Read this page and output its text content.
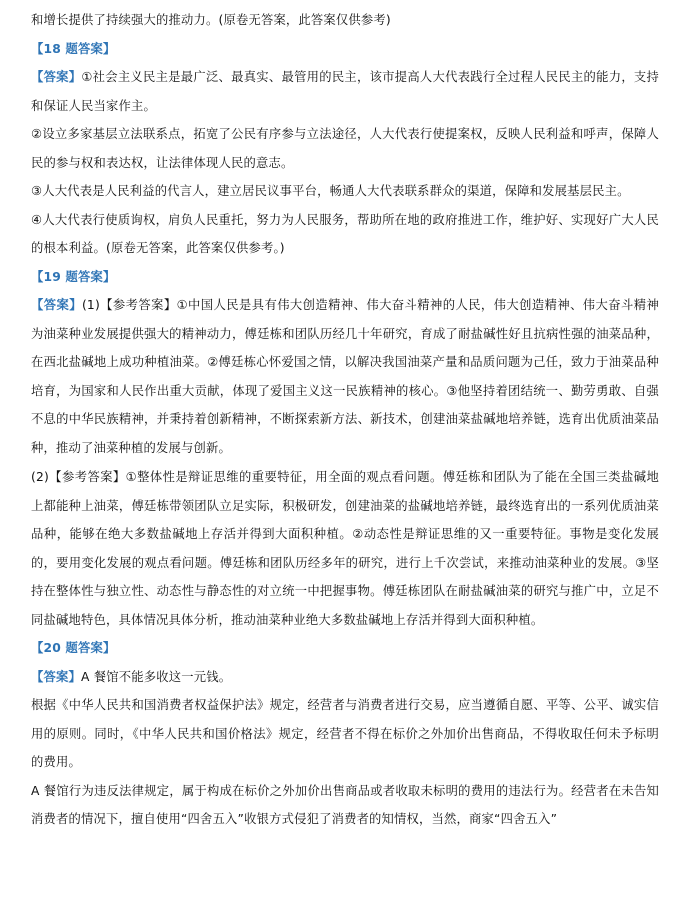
和增长提供了持续强大的推动力。(原卷无答案，此答案仅供参考)

【18 题答案】

【答案】①社会主义民主是最广泛、最真实、最管用的民主，该市提高人大代表践行全过程人民民主的能力，支持和保证人民当家作主。

②设立多家基层立法联系点，拓宽了公民有序参与立法途径，人大代表行使提案权，反映人民利益和呼声，保障人民的参与权和表达权，让法律体现人民的意志。

③人大代表是人民利益的代言人，建立居民议事平台，畅通人大代表联系群众的渠道，保障和发展基层民主。

④人大代表行使质询权，肩负人民重托，努力为人民服务，帮助所在地的政府推进工作，维护好、实现好广大人民的根本利益。(原卷无答案，此答案仅供参考。)

【19 题答案】

【答案】(1)【参考答案】①中国人民是具有伟大创造精神、伟大奋斗精神的人民，伟大创造精神、伟大奋斗精神为油菜种业发展提供强大的精神动力，傅廷栋和团队历经几十年研究，育成了耐盐碱性好且抗病性强的油菜品种，在西北盐碱地上成功种植油菜。②傅廷栋心怀爱国之情，以解决我国油菜产量和品质问题为己任，致力于油菜品种培育，为国家和人民作出重大贡献，体现了爱国主义这一民族精神的核心。③他坚持着团结统一、勤劳勇敢、自强不息的中华民族精神，并秉持着创新精神，不断探索新方法、新技术，创建油菜盐碱地培养链，选育出优质油菜品种，推动了油菜种植的发展与创新。

(2)【参考答案】①整体性是辩证思维的重要特征，用全面的观点看问题。傅廷栋和团队为了能在全国三类盐碱地上都能种上油菜，傅廷栋带领团队立足实际，积极研发，创建油菜的盐碱地培养链，最终选育出的一系列优质油菜品种，能够在绝大多数盐碱地上存活并得到大面积种植。②动态性是辩证思维的又一重要特征。事物是变化发展的，要用变化发展的观点看问题。傅廷栋和团队历经多年的研究，进行上千次尝试，来推动油菜种业的发展。③坚持在整体性与独立性、动态性与静态性的对立统一中把握事物。傅廷栋团队在耐盐碱油菜的研究与推广中，立足不同盐碱地特色，具体情况具体分析，推动油菜种业绝大多数盐碱地上存活并得到大面积种植。

【20 题答案】

【答案】A 餐馆不能多收这一元钱。

根据《中华人民共和国消费者权益保护法》规定，经营者与消费者进行交易，应当遵循自愿、平等、公平、诚实信用的原则。同时，《中华人民共和国价格法》规定，经营者不得在标价之外加价出售商品，不得收取任何未予标明的费用。

A 餐馆行为违反法律规定，属于构成在标价之外加价出售商品或者收取未标明的费用的违法行为。经营者在未告知消费者的情况下，擅自使用“四舍五入”收银方式侵犯了消费者的知情权，当然，商家“四舍五入”
